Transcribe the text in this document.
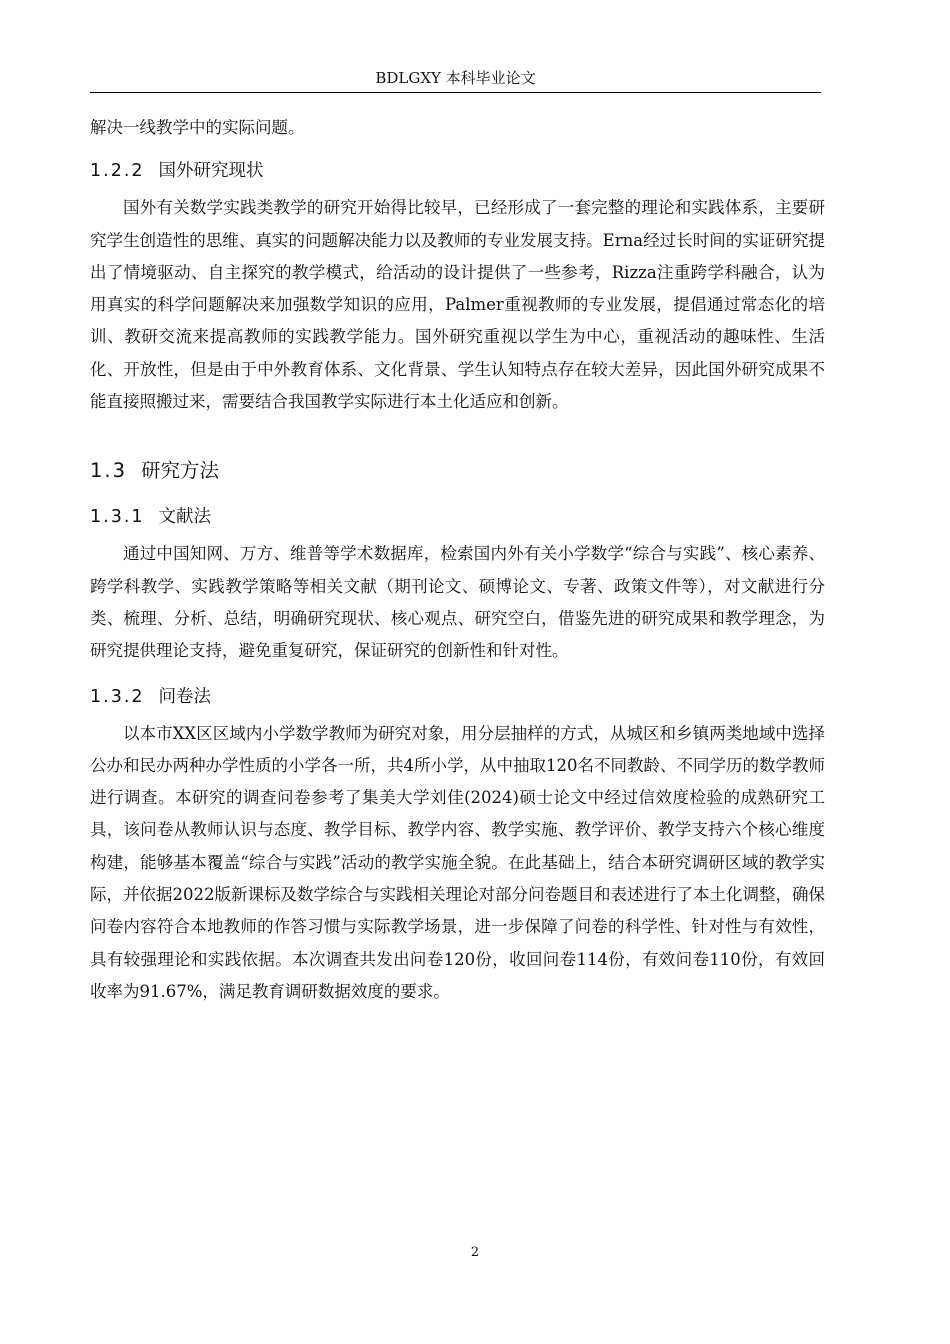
BDLGXY 本科毕业论文

解决一线教学中的实际问题。

1.2.2 国外研究现状

国外有关数学实践类教学的研究开始得比较早，已经形成了一套完整的理论和实践体系，主要研究学生创造性的思维、真实的问题解决能力以及教师的专业发展支持。Erna经过长时间的实证研究提出了情境驱动、自主探究的教学模式，给活动的设计提供了一些参考，Rizza注重跨学科融合，认为用真实的科学问题解决来加强数学知识的应用，Palmer重视教师的专业发展，提倡通过常态化的培训、教研交流来提高教师的实践教学能力。国外研究重视以学生为中心，重视活动的趣味性、生活化、开放性，但是由于中外教育体系、文化背景、学生认知特点存在较大差异，因此国外研究成果不能直接照搬过来，需要结合我国教学实际进行本土化适应和创新。

1.3 研究方法
1.3.1 文献法

通过中国知网、万方、维普等学术数据库，检索国内外有关小学数学“综合与实践”、核心素养、跨学科教学、实践教学策略等相关文献（期刊论文、硕博论文、专著、政策文件等），对文献进行分类、梳理、分析、总结，明确研究现状、核心观点、研究空白，借鉴先进的研究成果和教学理念，为研究提供理论支持，避免重复研究，保证研究的创新性和针对性。

1.3.2 问卷法

以本市XX区区域内小学数学教师为研究对象，用分层抽样的方式，从城区和乡镇两类地域中选择公办和民办两种办学性质的小学各一所，共4所小学，从中抽取120名不同教龄、不同学历的数学教师进行调查。本研究的调查问卷参考了集美大学刘佳(2024)硕士论文中经过信效度检验的成熟研究工具，该问卷从教师认识与态度、教学目标、教学内容、教学实施、教学评价、教学支持六个核心维度构建，能够基本覆盖“综合与实践”活动的教学实施全貌。在此基础上，结合本研究调研区域的教学实际，并依据2022版新课标及数学综合与实践相关理论对部分问卷题目和表述进行了本土化调整，确保问卷内容符合本地教师的作答习惯与实际教学场景，进一步保障了问卷的科学性、针对性与有效性，具有较强理论和实践依据。本次调查共发出问卷120份，收回问卷114份，有效问卷110份，有效回收率为91.67%，满足教育调研数据效度的要求。

2
